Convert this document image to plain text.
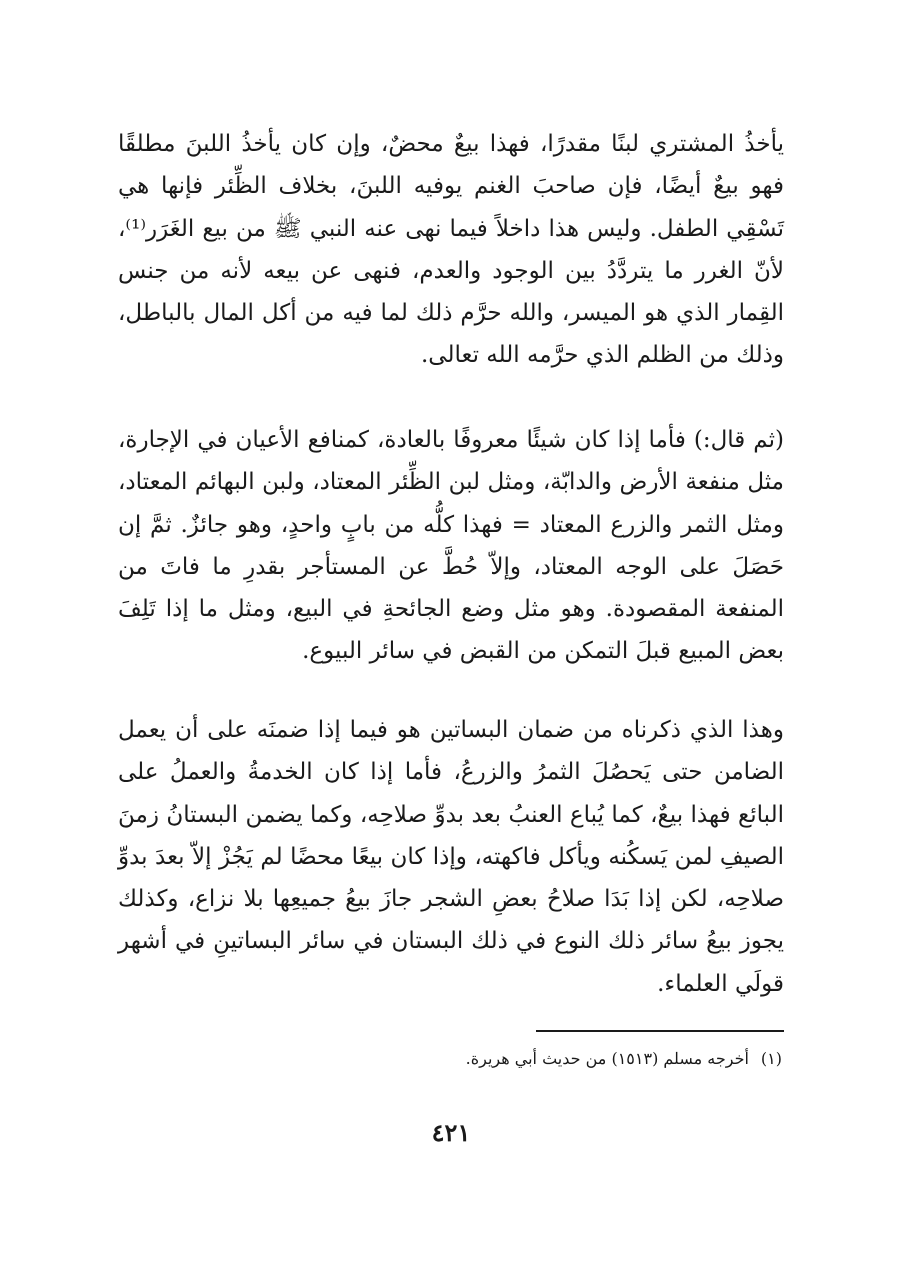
يأخذُ المشتري لبنًا مقدرًا، فهذا بيعٌ محضٌ، وإن كان يأخذُ اللبنَ مطلقًا فهو بيعٌ أيضًا، فإن صاحبَ الغنم يوفيه اللبنَ، بخلاف الظِّئر فإنها هي تَسْقِي الطفل. وليس هذا داخلاً فيما نهى عنه النبي ﷺ من بيع الغَرَر⁽¹⁾، لأنّ الغرر ما يتردَّدُ بين الوجود والعدم، فنهى عن بيعه لأنه من جنس القِمار الذي هو الميسر، والله حرَّم ذلك لما فيه من أكل المال بالباطل، وذلك من الظلم الذي حرَّمه الله تعالى.

(ثم قال:) فأما إذا كان شيئًا معروفًا بالعادة، كمنافع الأعيان في الإجارة، مثل منفعة الأرض والدابّة، ومثل لبن الظِّئر المعتاد، ولبن البهائم المعتاد، ومثل الثمر والزرع المعتاد = فهذا كلُّه من بابٍ واحدٍ، وهو جائزٌ. ثمَّ إن حَصَلَ على الوجه المعتاد، وإلاّ حُطَّ عن المستأجر بقدرِ ما فاتَ من المنفعة المقصودة. وهو مثل وضع الجائحةِ في البيع، ومثل ما إذا تَلِفَ بعض المبيع قبلَ التمكن من القبض في سائر البيوع.

وهذا الذي ذكرناه من ضمان البساتين هو فيما إذا ضمنَه على أن يعمل الضامن حتى يَحصُلَ الثمرُ والزرعُ، فأما إذا كان الخدمةُ والعملُ على البائع فهذا بيعٌ، كما يُباع العنبُ بعد بدوِّ صلاحِه، وكما يضمن البستانُ زمنَ الصيفِ لمن يَسكُنه ويأكل فاكهته، وإذا كان بيعًا محضًا لم يَجُزْ إلاّ بعدَ بدوِّ صلاحِه، لكن إذا بَدَا صلاحُ بعضِ الشجر جازَ بيعُ جميعِها بلا نزاع، وكذلك يجوز بيعُ سائر ذلك النوع في ذلك البستان في سائر البساتينِ في أشهر قولَي العلماء.

(١)أخرجه مسلم (١٥١٣) من حديث أبي هريرة.

٤٢١
